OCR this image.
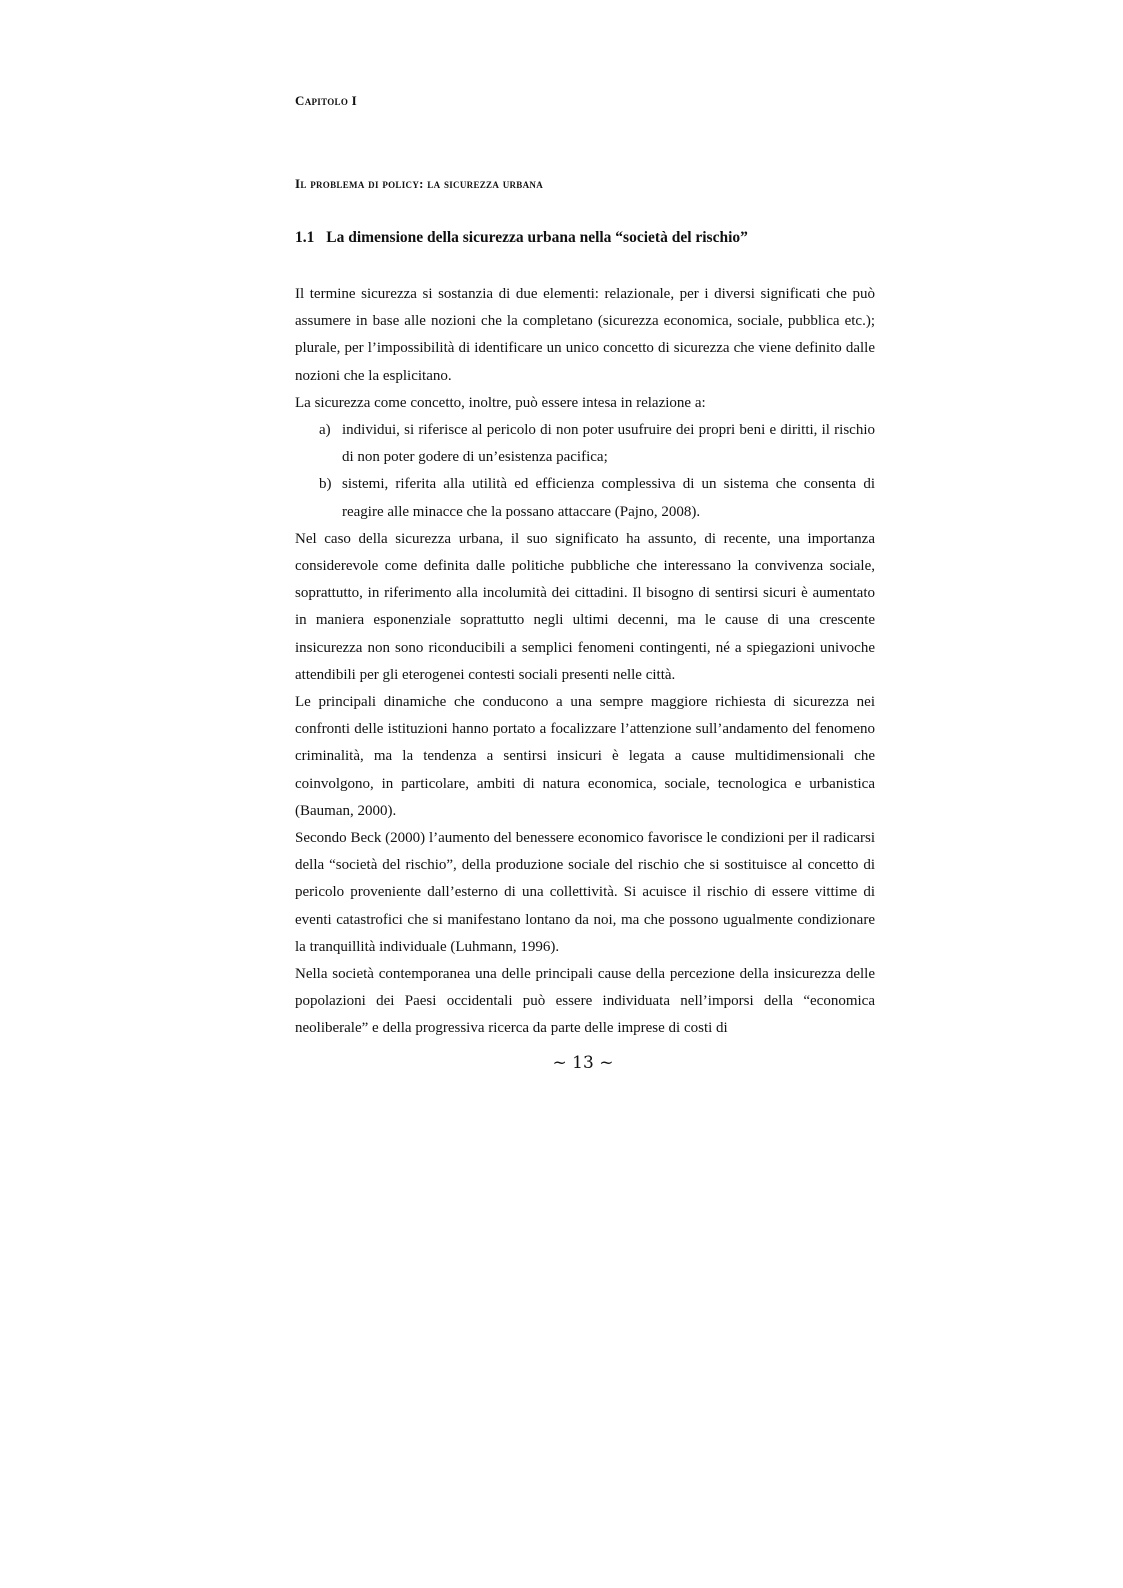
Capitolo I
Il problema di policy: la sicurezza urbana
1.1 La dimensione della sicurezza urbana nella “società del rischio”

Il termine sicurezza si sostanzia di due elementi: relazionale, per i diversi significati che può assumere in base alle nozioni che la completano (sicurezza economica, sociale, pubblica etc.); plurale, per l’impossibilità di identificare un unico concetto di sicurezza che viene definito dalle nozioni che la esplicitano.

La sicurezza come concetto, inoltre, può essere intesa in relazione a:

a) individui, si riferisce al pericolo di non poter usufruire dei propri beni e diritti, il rischio di non poter godere di un’esistenza pacifica;
b) sistemi, riferita alla utilità ed efficienza complessiva di un sistema che consenta di reagire alle minacce che la possano attaccare (Pajno, 2008).

Nel caso della sicurezza urbana, il suo significato ha assunto, di recente, una importanza considerevole come definita dalle politiche pubbliche che interessano la convivenza sociale, soprattutto, in riferimento alla incolumità dei cittadini. Il bisogno di sentirsi sicuri è aumentato in maniera esponenziale soprattutto negli ultimi decenni, ma le cause di una crescente insicurezza non sono riconducibili a semplici fenomeni contingenti, né a spiegazioni univoche attendibili per gli eterogenei contesti sociali presenti nelle città.

Le principali dinamiche che conducono a una sempre maggiore richiesta di sicurezza nei confronti delle istituzioni hanno portato a focalizzare l’attenzione sull’andamento del fenomeno criminalità, ma la tendenza a sentirsi insicuri è legata a cause multidimensionali che coinvolgono, in particolare, ambiti di natura economica, sociale, tecnologica e urbanistica (Bauman, 2000).

Secondo Beck (2000) l’aumento del benessere economico favorisce le condizioni per il radicarsi della “società del rischio”, della produzione sociale del rischio che si sostituisce al concetto di pericolo proveniente dall’esterno di una collettività. Si acuisce il rischio di essere vittime di eventi catastrofici che si manifestano lontano da noi, ma che possono ugualmente condizionare la tranquillità individuale (Luhmann, 1996).

Nella società contemporanea una delle principali cause della percezione della insicurezza delle popolazioni dei Paesi occidentali può essere individuata nell’imporsi della “economica neoliberale” e della progressiva ricerca da parte delle imprese di costi di

~ 13 ~
